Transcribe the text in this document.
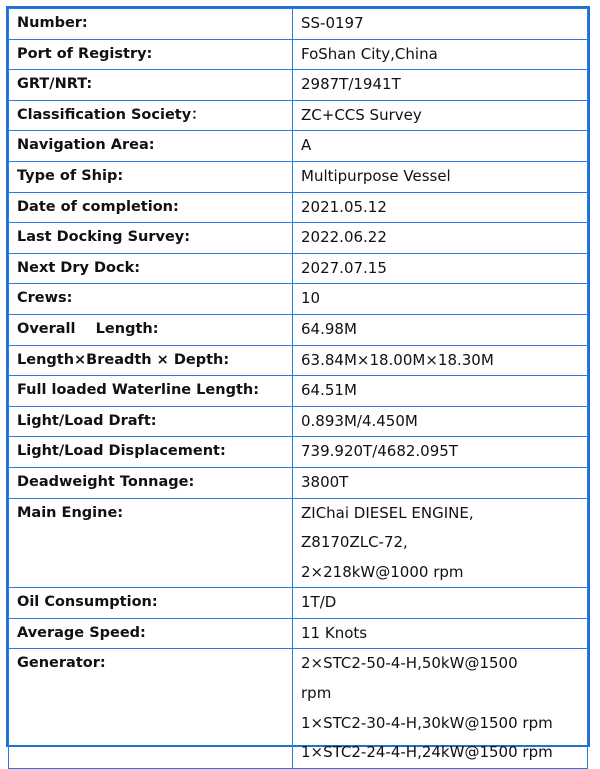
Number:	SS-0197

Port of Registry:	FoShan City,China

GRT/NRT:	2987T/1941T

Classification Society：	ZC+CCS Survey

Navigation Area:	A

Type of Ship:	Multipurpose Vessel

Date of completion:	2021.05.12

Last Docking Survey:	2022.06.22

Next Dry Dock:	2027.07.15

Crews:	10

Overall    Length:	64.98M

Length×Breadth × Depth:	63.84M×18.00M×18.30M

Full loaded Waterline Length:	64.51M

Light/Load Draft:	0.893M/4.450M

Light/Load Displacement:	739.920T/4682.095T

Deadweight Tonnage:	3800T

Main Engine:	ZIChai DIESEL ENGINE,
Z8170ZLC-72,
2×218kW@1000 rpm

Oil Consumption:	1T/D

Average Speed:	11 Knots

Generator:	2×STC2-50-4-H,50kW@1500
rpm
1×STC2-30-4-H,30kW@1500 rpm
1×STC2-24-4-H,24kW@1500 rpm
